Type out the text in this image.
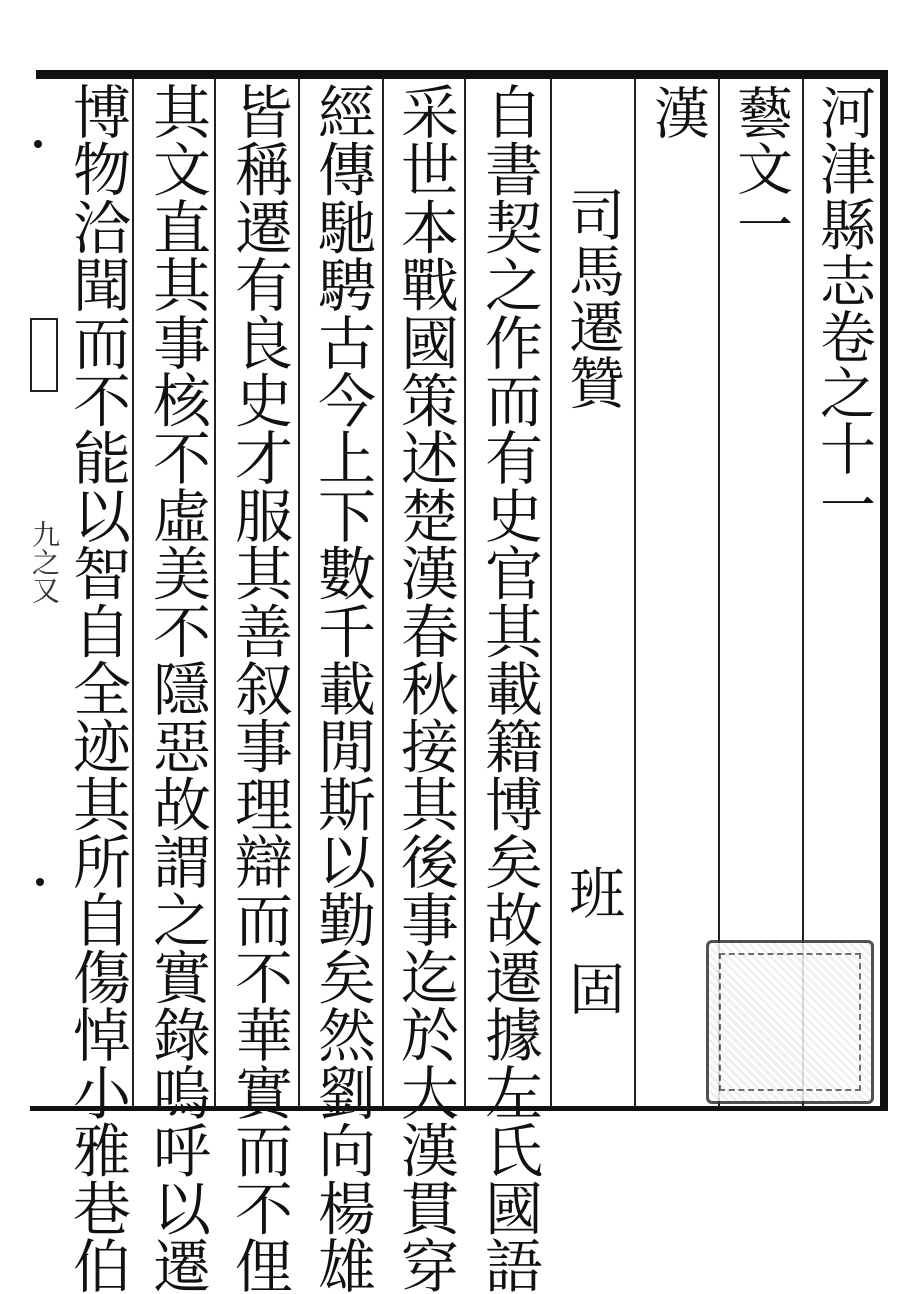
河津縣志卷之十一
藝文一
漢
司馬遷贊
班固
自書契之作而有史官其載籍博矣故遷據左氏國語
采世本戰國策述楚漢春秋接其後事迄於大漢貫穿
經傳馳騁古今上下數千載閒斯以勤矣然劉向楊雄
皆稱遷有良史才服其善叙事理辯而不華實而不俚
其文直其事核不虛美不隱惡故謂之實錄嗚呼以遷
博物洽聞而不能以智自全迹其所自傷悼小雅巷伯
九之又
